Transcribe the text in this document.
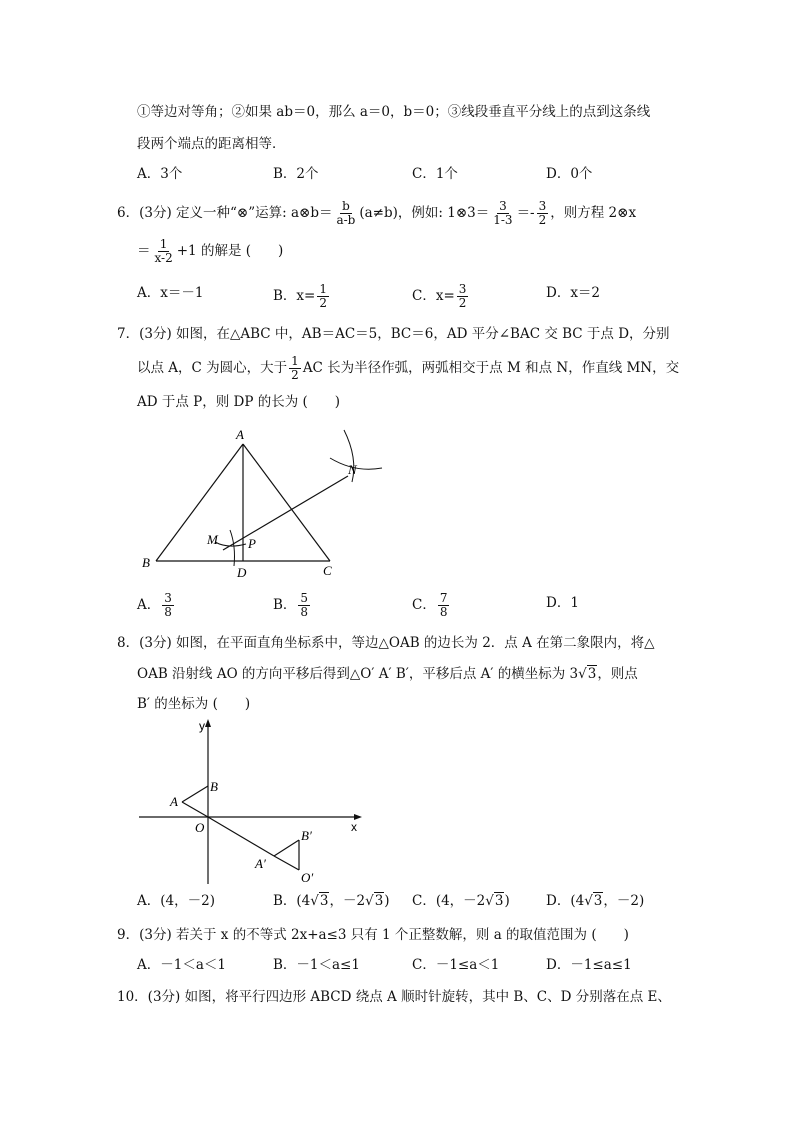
①等边对等角；②如果 ab＝0，那么 a＝0，b＝0；③线段垂直平分线上的点到这条线
段两个端点的距离相等．
A．3个	B．2个	C．1个	D．0个
6．(3分) 定义一种“⊗”运算: a⊗b＝ $\frac{b}{a-b} (a\ne b)$，例如: 1⊗3＝ $\frac{3}{1-3} =- \frac{3}{2}$ ，则方程 2⊗x
＝ $\frac{1}{x-2} +1$ 的解是 (　　)
A．x＝－1	B．$x= \frac{1}{2}$	C．$x= \frac{3}{2}$	D．x＝2
7．(3分) 如图，在△ABC 中，AB＝AC＝5，BC＝6，AD 平分∠BAC 交 BC 于点 D，分别
以点 A，C 为圆心，大于 $\frac{1}{2}$ AC 长为半径作弧，两弧相交于点 M 和点 N，作直线 MN，交
AD 于点 P，则 DP 的长为 (　　)
A
B
C
D
M
N
P
A． $\frac{3}{8}$	B． $\frac{5}{8}$	C． $\frac{7}{8}$	D．1
8．(3分) 如图，在平面直角坐标系中，等边△OAB 的边长为 2．点 A 在第二象限内，将△
OAB 沿射线 AO 的方向平移后得到△O′ A′ B′，平移后点 A′ 的横坐标为 3√3，则点
B′ 的坐标为 (　　)
y
x
O
A
B
A′
B′
O′
A．(4，－2)	B．(4√3，－2√3) C．(4，－2√3)	D．(4√3，－2)
9．(3分) 若关于 x 的不等式 2x+a≤3 只有 1 个正整数解，则 a 的取值范围为 (　　)
A．－1＜a＜1	B．－1＜a≤1	C．－1≤a＜1	D．－1≤a≤1
10．(3分) 如图，将平行四边形 ABCD 绕点 A 顺时针旋转，其中 B、C、D 分别落在点 E、
